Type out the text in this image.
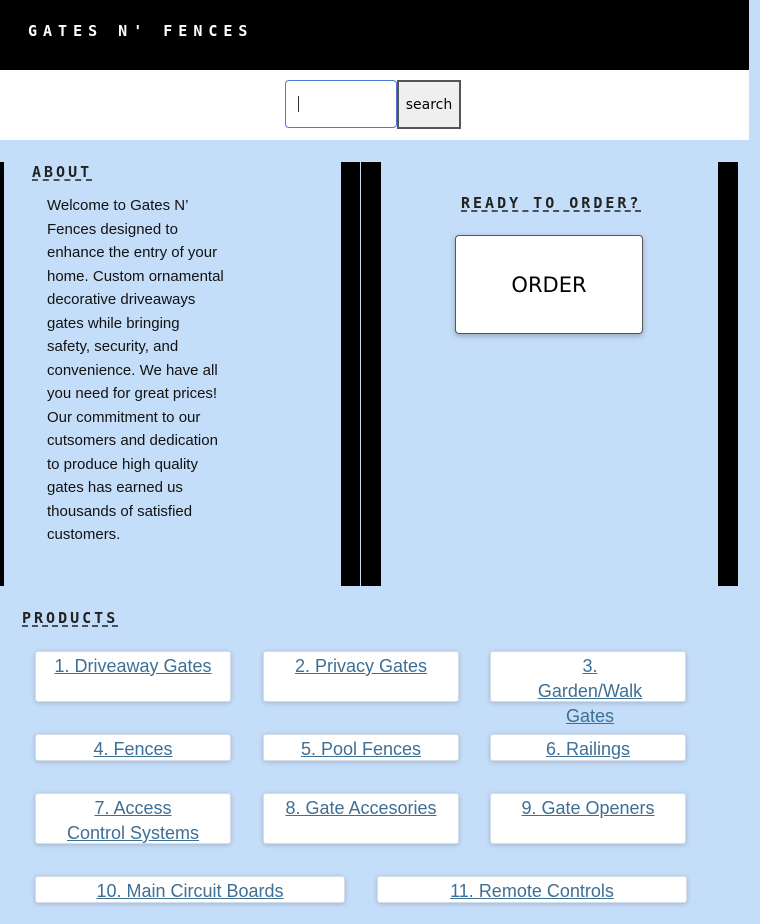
GATES N' FENCES
search
ABOUT

Welcome to Gates N’ Fences designed to enhance the entry of your home. Custom ornamental decorative driveaways gates while bringing safety, security, and convenience. We have all you need for great prices! Our commitment to our cutsomers and dedication to produce high quality gates has earned us thousands of satisfied customers.

READY TO ORDER?
ORDER
PRODUCTS
1. Driveaway Gates	2. Privacy Gates	3. Garden/Walk Gates
4. Fences	5. Pool Fences	6. Railings
7. Access Control Systems
8. Gate Accesories	9. Gate Openers
10. Main Circuit Boards	11. Remote Controls
